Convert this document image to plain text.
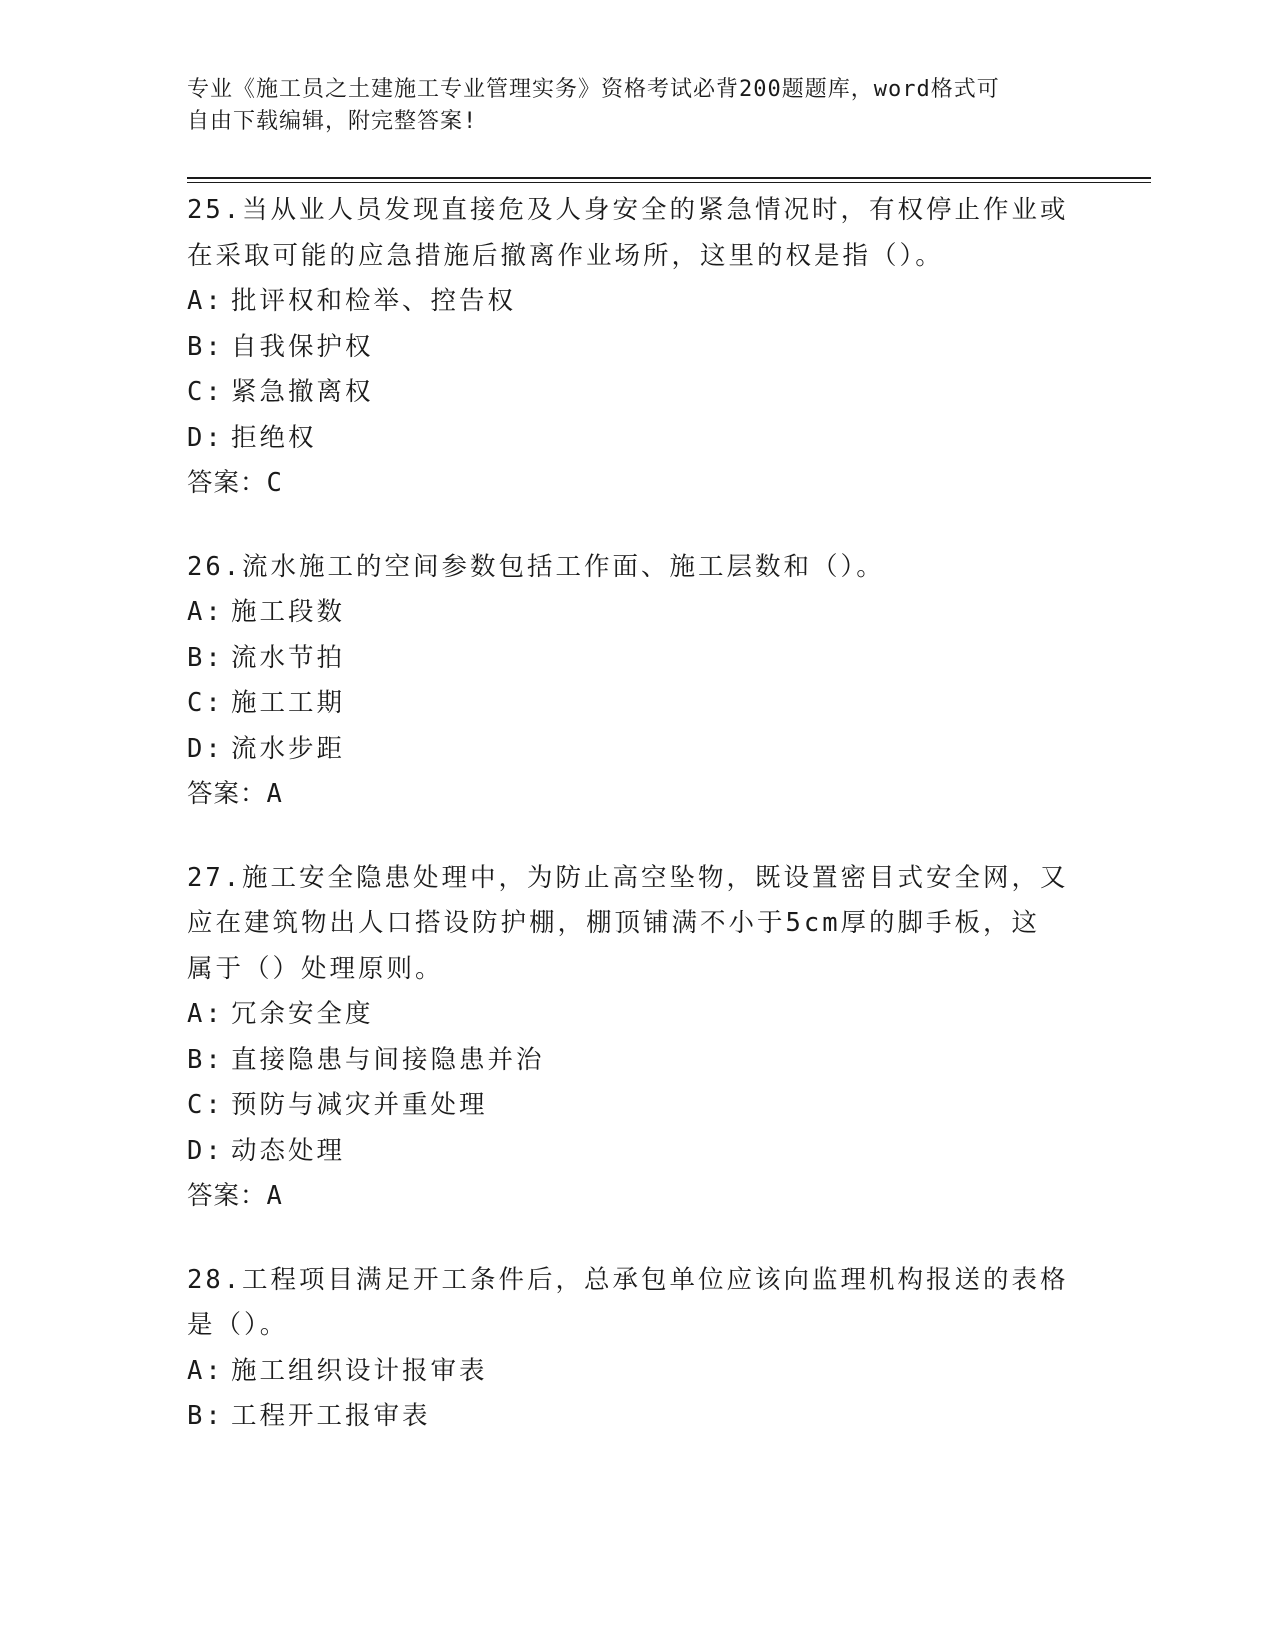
专业《施工员之土建施工专业管理实务》资格考试必背200题题库，word格式可
自由下载编辑，附完整答案!

25.当从业人员发现直接危及人身安全的紧急情况时，有权停止作业或
在采取可能的应急措施后撤离作业场所，这里的权是指（）。

A: 批评权和检举、控告权

B: 自我保护权

C: 紧急撤离权

D: 拒绝权

答案：C

26.流水施工的空间参数包括工作面、施工层数和（）。

A: 施工段数

B: 流水节拍

C: 施工工期

D: 流水步距

答案：A

27.施工安全隐患处理中，为防止高空坠物，既设置密目式安全网，又
应在建筑物出人口搭设防护棚，棚顶铺满不小于5cm厚的脚手板，这
属于（）处理原则。

A: 冗余安全度

B: 直接隐患与间接隐患并治

C: 预防与减灾并重处理

D: 动态处理

答案：A

28.工程项目满足开工条件后，总承包单位应该向监理机构报送的表格
是（）。

A: 施工组织设计报审表

B: 工程开工报审表
